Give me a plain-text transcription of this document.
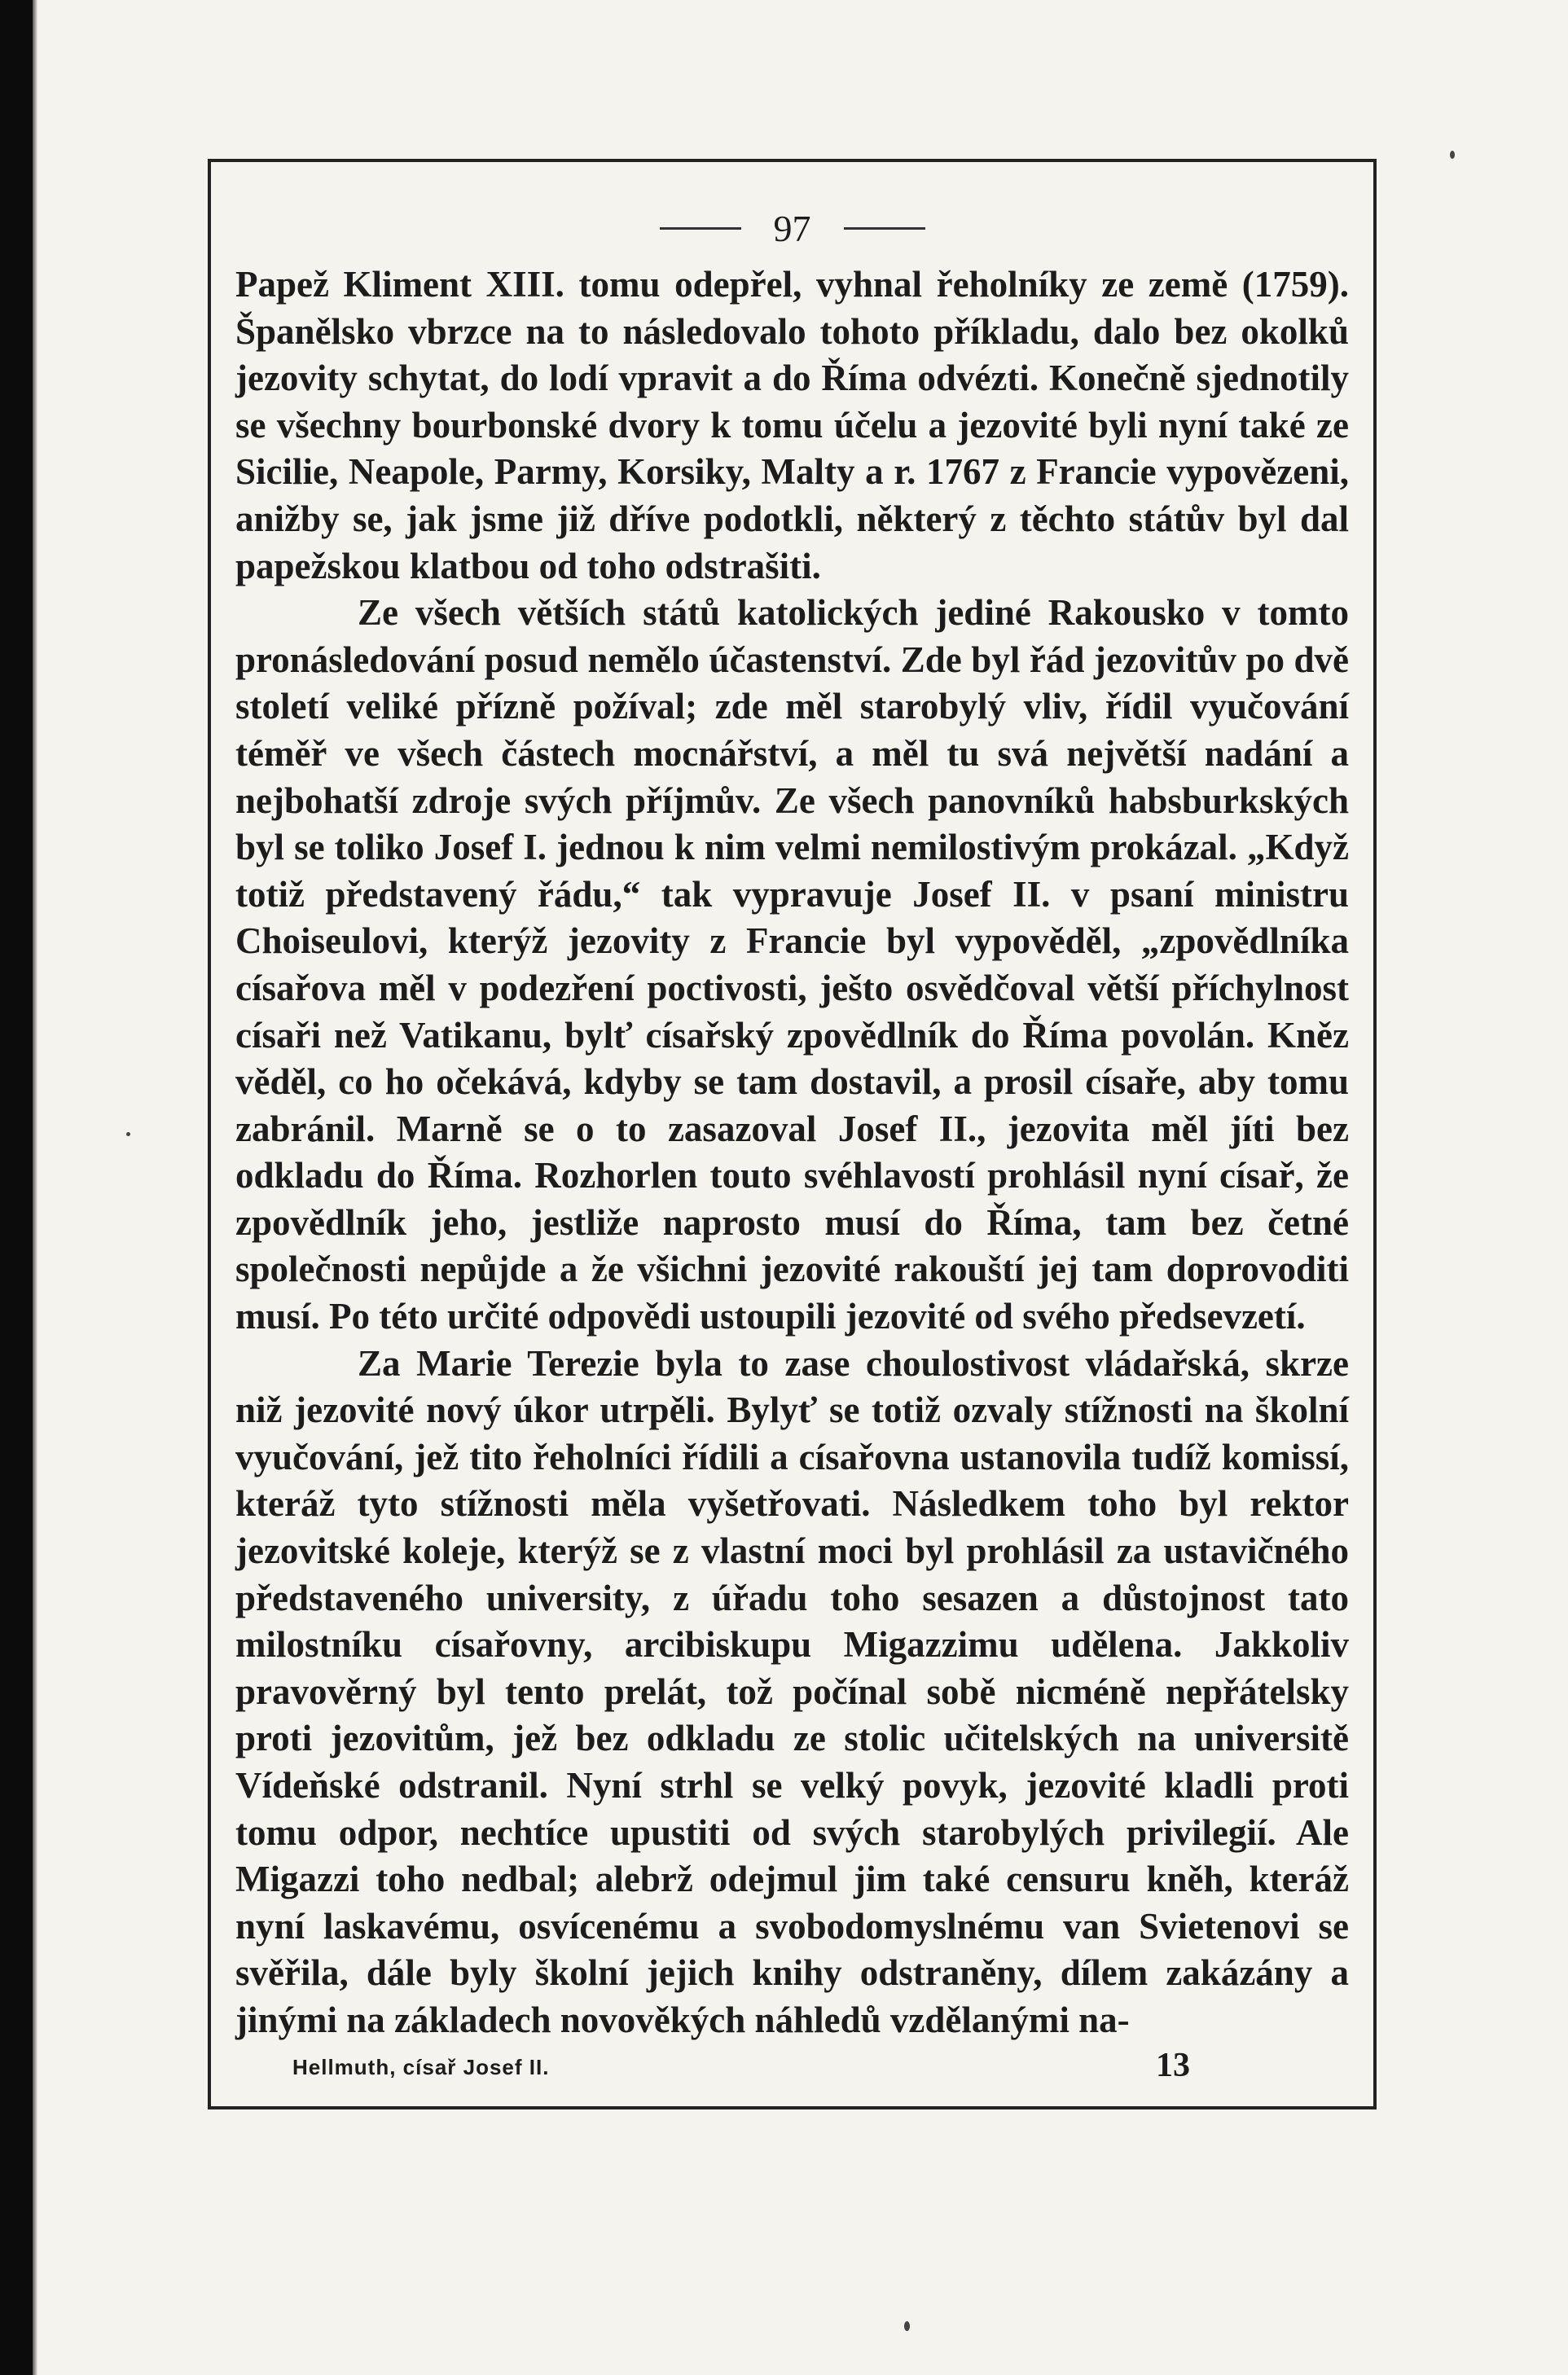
97

Papež Kliment XIII. tomu odepřel, vyhnal řeholníky ze země (1759). Španělsko vbrzce na to následovalo tohoto příkladu, dalo bez okolků jezovity schytat, do lodí vpravit a do Říma odvézti. Konečně sjednotily se všechny bourbonské dvory k tomu účelu a jezovité byli nyní také ze Sicilie, Neapole, Parmy, Korsiky, Malty a r. 1767 z Francie vypovězeni, anižby se, jak jsme již dříve podotkli, některý z těchto státův byl dal papežskou klatbou od toho odstrašiti.

Ze všech větších států katolických jediné Rakousko v tomto pronásledování posud nemělo účastenství. Zde byl řád jezovitův po dvě století veliké přízně požíval; zde měl starobylý vliv, řídil vyučování téměř ve všech částech mocnářství, a měl tu svá největší nadání a nejbohatší zdroje svých příjmův. Ze všech panovníků habsburkských byl se toliko Josef I. jednou k nim velmi nemilostivým prokázal. „Když totiž představený řádu,“ tak vypravuje Josef II. v psaní ministru Choiseulovi, kterýž jezovity z Francie byl vypověděl, „zpovědlníka císařova měl v podezření poctivosti, ješto osvědčoval větší příchylnost císaři než Vatikanu, bylť císařský zpovědlník do Říma povolán. Kněz věděl, co ho očekává, kdyby se tam dostavil, a prosil císaře, aby tomu zabránil. Marně se o to zasazoval Josef II., jezovita měl jíti bez odkladu do Říma. Rozhorlen touto svéhlavostí prohlásil nyní císař, že zpovědlník jeho, jestliže naprosto musí do Říma, tam bez četné společnosti nepůjde a že všichni jezovité rakouští jej tam doprovoditi musí. Po této určité odpovědi ustoupili jezovité od svého předsevzetí.

Za Marie Terezie byla to zase choulostivost vládařská, skrze niž jezovité nový úkor utrpěli. Bylyť se totiž ozvaly stížnosti na školní vyučování, jež tito řeholníci řídili a císařovna ustanovila tudíž komissí, kteráž tyto stížnosti měla vyšetřovati. Následkem toho byl rektor jezovitské koleje, kterýž se z vlastní moci byl prohlásil za ustavičného představeného university, z úřadu toho sesazen a důstojnost tato milostníku císařovny, arcibiskupu Migazzimu udělena. Jakkoliv pravověrný byl tento prelát, tož počínal sobě nicméně nepřátelsky proti jezovitům, jež bez odkladu ze stolic učitelských na universitě Vídeňské odstranil. Nyní strhl se velký povyk, jezovité kladli proti tomu odpor, nechtíce upustiti od svých starobylých privilegií. Ale Migazzi toho nedbal; alebrž odejmul jim také censuru kněh, kteráž nyní laskavému, osvícenému a svobodomyslnému van Svietenovi se svěřila, dále byly školní jejich knihy odstraněny, dílem zakázány a jinými na základech novověkých náhledů vzdělanými na-

Hellmuth, císař Josef II.	13
